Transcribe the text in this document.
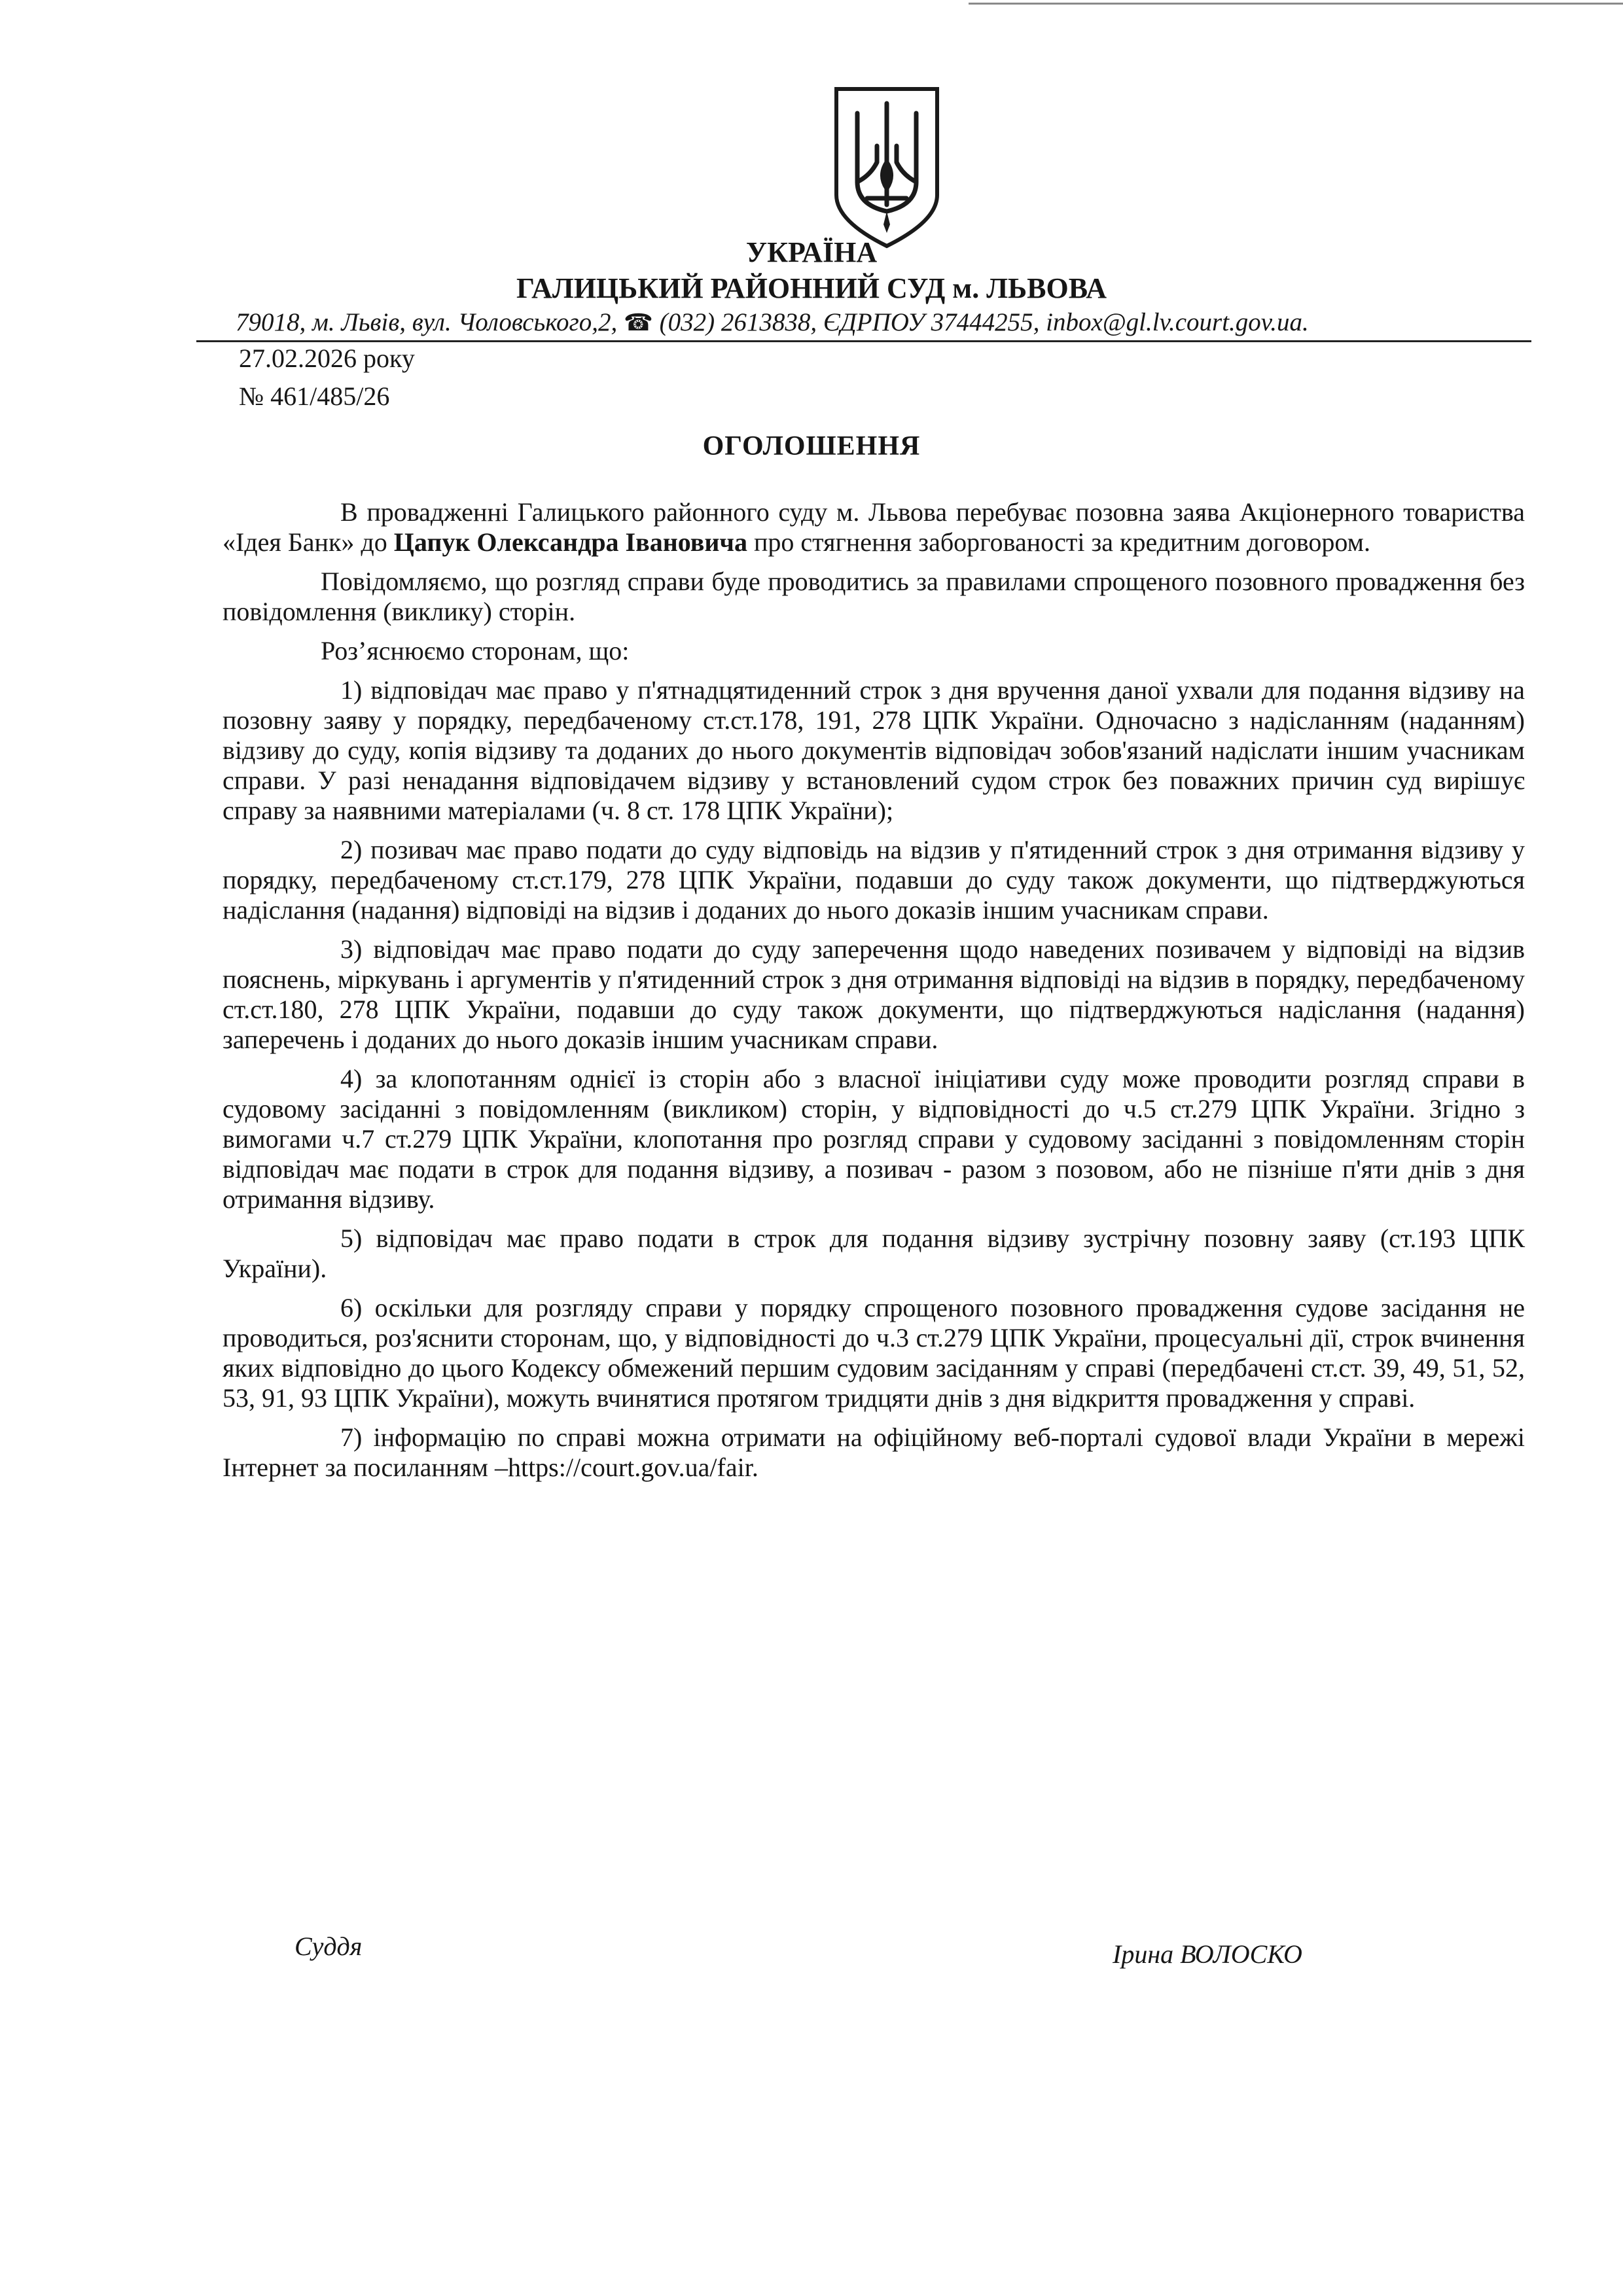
УКРАЇНА
ГАЛИЦЬКИЙ РАЙОННИЙ СУД м. ЛЬВОВА
79018, м. Львів, вул. Чоловського,2, ☎ (032) 2613838, ЄДРПОУ 37444255, inbox@gl.lv.court.gov.ua.
27.02.2026 року
№ 461/485/26
ОГОЛОШЕННЯ

В провадженні Галицького районного суду м. Львова перебуває позовна заява Акціонерного товариства «Ідея Банк» до Цапук Олександра Івановича про стягнення заборгованості за кредитним договором.

Повідомляємо, що розгляд справи буде проводитись за правилами спрощеного позовного провадження без повідомлення (виклику) сторін.

Роз’яснюємо сторонам, що:

1) відповідач має право у п'ятнадцятиденний строк з дня вручення даної ухвали для подання відзиву на позовну заяву у порядку, передбаченому ст.ст.178, 191, 278 ЦПК України. Одночасно з надісланням (наданням) відзиву до суду, копія відзиву та доданих до нього документів відповідач зобов'язаний надіслати іншим учасникам справи. У разі ненадання відповідачем відзиву у встановлений судом строк без поважних причин суд вирішує справу за наявними матеріалами (ч. 8 ст. 178 ЦПК України);

2) позивач має право подати до суду відповідь на відзив у п'ятиденний строк з дня отримання відзиву у порядку, передбаченому ст.ст.179, 278 ЦПК України, подавши до суду також документи, що підтверджуються надіслання (надання) відповіді на відзив і доданих до нього доказів іншим учасникам справи.

3) відповідач має право подати до суду заперечення щодо наведених позивачем у відповіді на відзив пояснень, міркувань і аргументів у п'ятиденний строк з дня отримання відповіді на відзив в порядку, передбаченому ст.ст.180, 278 ЦПК України, подавши до суду також документи, що підтверджуються надіслання (надання) заперечень і доданих до нього доказів іншим учасникам справи.

4) за клопотанням однієї із сторін або з власної ініціативи суду може проводити розгляд справи в судовому засіданні з повідомленням (викликом) сторін, у відповідності до ч.5 ст.279 ЦПК України. Згідно з вимогами ч.7 ст.279 ЦПК України, клопотання про розгляд справи у судовому засіданні з повідомленням сторін відповідач має подати в строк для подання відзиву, а позивач - разом з позовом, або не пізніше п'яти днів з дня отримання відзиву.

5) відповідач має право подати в строк для подання відзиву зустрічну позовну заяву (ст.193 ЦПК України).

6) оскільки для розгляду справи у порядку спрощеного позовного провадження судове засідання не проводиться, роз'яснити сторонам, що, у відповідності до ч.3 ст.279 ЦПК України, процесуальні дії, строк вчинення яких відповідно до цього Кодексу обмежений першим судовим засіданням у справі (передбачені ст.ст. 39, 49, 51, 52, 53, 91, 93 ЦПК України), можуть вчинятися протягом тридцяти днів з дня відкриття провадження у справі.

7) інформацію по справі можна отримати на офіційному веб-порталі судової влади України в мережі Інтернет за посиланням –https://court.gov.ua/fair.

Суддя	Ірина ВОЛОСКО
